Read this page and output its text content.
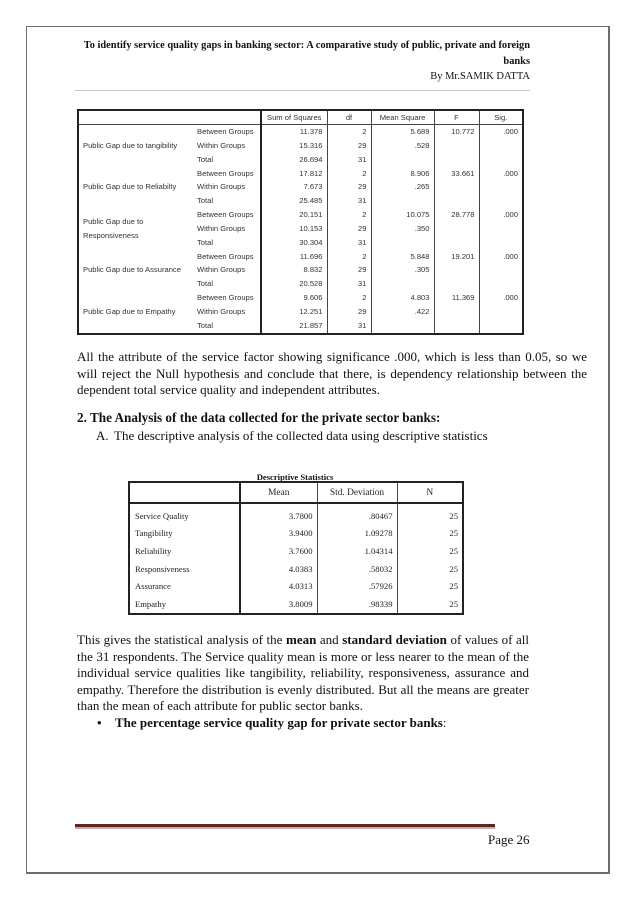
To identify service quality gaps in banking sector: A comparative study of public, private and foreign banks
By Mr.SAMIK DATTA
		Sum of Squares	df	Mean Square	F	Sig.
Public Gap due to tangibility	Between Groups	11.378	2	5.689	10.772	.000
	Within Groups	15.316	29	.528		
	Total	26.694	31			
Public Gap due to Reliabilty	Between Groups	17.812	2	8.906	33.661	.000
	Within Groups	7.673	29	.265		
	Total	25.485	31			
Public Gap due to Responsiveness	Between Groups	20.151	2	10.075	28.778	.000
	Within Groups	10.153	29	.350		
	Total	30.304	31			
Public Gap due to Assurance	Between Groups	11.696	2	5.848	19.201	.000
	Within Groups	8.832	29	.305		
	Total	20.528	31			
Public Gap due to Empathy	Between Groups	9.606	2	4.803	11.369	.000
	Within Groups	12.251	29	.422		
	Total	21.857	31			
All the attribute of the service factor showing significance .000, which is less than 0.05, so we will reject the Null hypothesis and conclude that there, is dependency relationship between the dependent total service quality and independent attributes.
2. The Analysis of the data collected for the private sector banks:
A. The descriptive analysis of the collected data using descriptive statistics
Descriptive Statistics
	Mean	Std. Deviation	N
Service Quality	3.7800	.80467	25
Tangibility	3.9400	1.09278	25
Reliability	3.7600	1.04314	25
Responsiveness	4.0383	.58032	25
Assurance	4.0313	.57926	25
Empathy	3.8009	.98339	25
This gives the statistical analysis of the mean and standard deviation of values of all the 31 respondents. The Service quality mean is more or less nearer to the mean of the individual service qualities like tangibility, reliability, responsiveness, assurance and empathy. Therefore the distribution is evenly distributed. But all the means are greater than the mean of each attribute for public sector banks.
• The percentage service quality gap for private sector banks:
Page 26
